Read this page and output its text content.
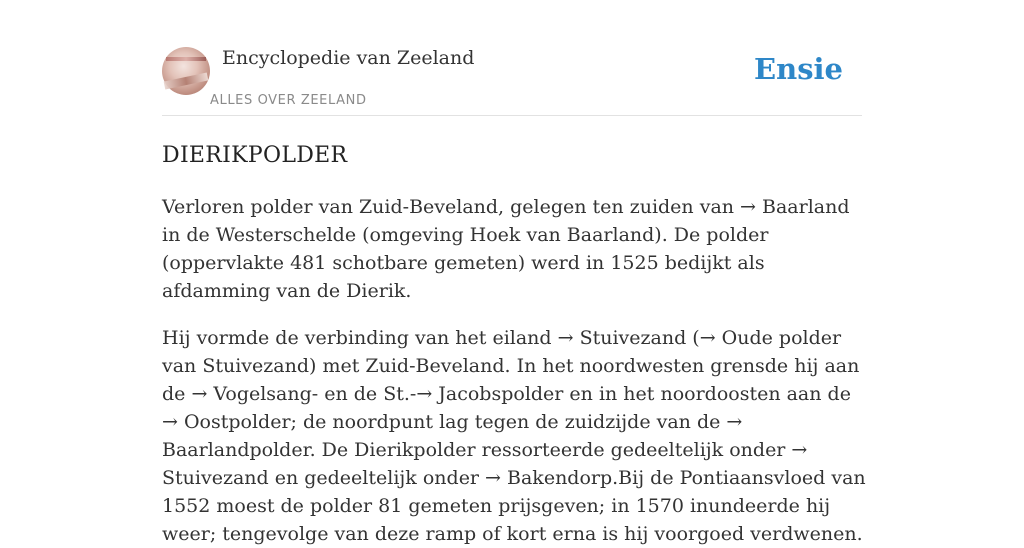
Encyclopedie van Zeeland
ALLES OVER ZEELAND
Ensie
DIERIKPOLDER

Verloren polder van Zuid-Beveland, gelegen ten zuiden van → Baarland in de Westerschelde (omgeving Hoek van Baarland). De polder (oppervlakte 481 schotbare gemeten) werd in 1525 bedijkt als afdamming van de Dierik.

Hij vormde de verbinding van het eiland → Stuivezand (→ Oude polder van Stuivezand) met Zuid-Beveland. In het noordwesten grensde hij aan de → Vogelsang- en de St.-→ Jacobspolder en in het noordoosten aan de → Oostpolder; de noordpunt lag tegen de zuidzijde van de → Baarlandpolder. De Dierikpolder ressorteerde gedeeltelijk onder → Stuivezand en gedeeltelijk onder → Bakendorp.Bij de Pontiaansvloed van 1552 moest de polder 81 gemeten prijsgeven; in 1570 inundeerde hij weer; tengevolge van deze ramp of kort erna is hij voorgoed verdwenen.
